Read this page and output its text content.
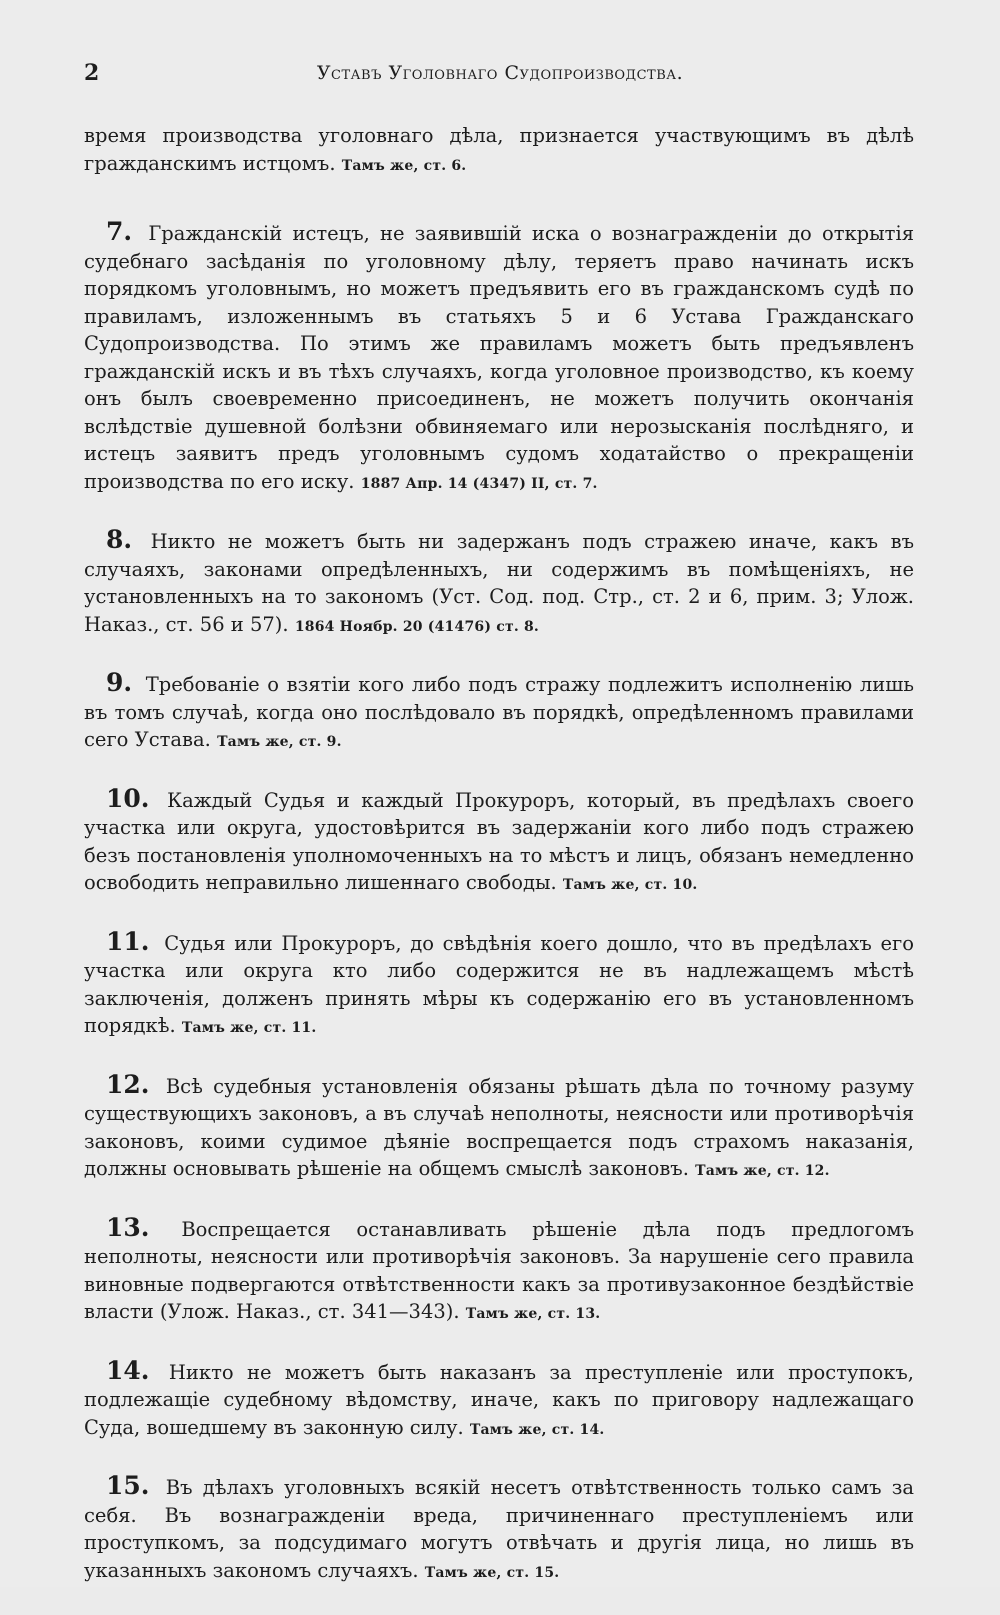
2	Уставъ Уголовнаго Судопроизводства.

время производства уголовнаго дѣла, признается участвующимъ въ дѣлѣ гражданскимъ истцомъ. Тамъ же, ст. 6.

7. Гражданскій истецъ, не заявившій иска о вознагражденіи до открытія судебнаго засѣданія по уголовному дѣлу, теряетъ право начинать искъ порядкомъ уголовнымъ, но можетъ предъявить его въ гражданскомъ судѣ по правиламъ, изложеннымъ въ статьяхъ 5 и 6 Устава Гражданскаго Судопроизводства. По этимъ же правиламъ можетъ быть предъявленъ гражданскій искъ и въ тѣхъ случаяхъ, когда уголовное производство, къ коему онъ былъ своевременно присоединенъ, не можетъ получить окончанія вслѣдствіе душевной болѣзни обвиняемаго или нерозысканія послѣдняго, и истецъ заявитъ предъ уголовнымъ судомъ ходатайство о прекращеніи производства по его иску. 1887 Апр. 14 (4347) II, ст. 7.

8. Никто не можетъ быть ни задержанъ подъ стражею иначе, какъ въ случаяхъ, законами опредѣленныхъ, ни содержимъ въ помѣщеніяхъ, не установленныхъ на то закономъ (Уст. Сод. под. Стр., ст. 2 и 6, прим. 3; Улож. Наказ., ст. 56 и 57). 1864 Ноябр. 20 (41476) ст. 8.

9. Требованіе о взятіи кого либо подъ стражу подлежитъ исполненію лишь въ томъ случаѣ, когда оно послѣдовало въ порядкѣ, опредѣленномъ правилами сего Устава. Тамъ же, ст. 9.

10. Каждый Судья и каждый Прокуроръ, который, въ предѣлахъ своего участка или округа, удостовѣрится въ задержаніи кого либо подъ стражею безъ постановленія уполномоченныхъ на то мѣстъ и лицъ, обязанъ немедленно освободить неправильно лишеннаго свободы. Тамъ же, ст. 10.

11. Судья или Прокуроръ, до свѣдѣнія коего дошло, что въ предѣлахъ его участка или округа кто либо содержится не въ надлежащемъ мѣстѣ заключенія, долженъ принять мѣры къ содержанію его въ установленномъ порядкѣ. Тамъ же, ст. 11.

12. Всѣ судебныя установленія обязаны рѣшать дѣла по точному разуму существующихъ законовъ, а въ случаѣ неполноты, неясности или противорѣчія законовъ, коими судимое дѣяніе воспрещается подъ страхомъ наказанія, должны основывать рѣшеніе на общемъ смыслѣ законовъ. Тамъ же, ст. 12.

13. Воспрещается останавливать рѣшеніе дѣла подъ предлогомъ неполноты, неясности или противорѣчія законовъ. За нарушеніе сего правила виновные подвергаются отвѣтственности какъ за противузаконное бездѣйствіе власти (Улож. Наказ., ст. 341—343). Тамъ же, ст. 13.

14. Никто не можетъ быть наказанъ за преступленіе или проступокъ, подлежащіе судебному вѣдомству, иначе, какъ по приговору надлежащаго Суда, вошедшему въ законную силу. Тамъ же, ст. 14.

15. Въ дѣлахъ уголовныхъ всякій несетъ отвѣтственность только самъ за себя. Въ вознагражденіи вреда, причиненнаго преступленіемъ или проступкомъ, за подсудимаго могутъ отвѣчать и другія лица, но лишь въ указанныхъ закономъ случаяхъ. Тамъ же, ст. 15.
